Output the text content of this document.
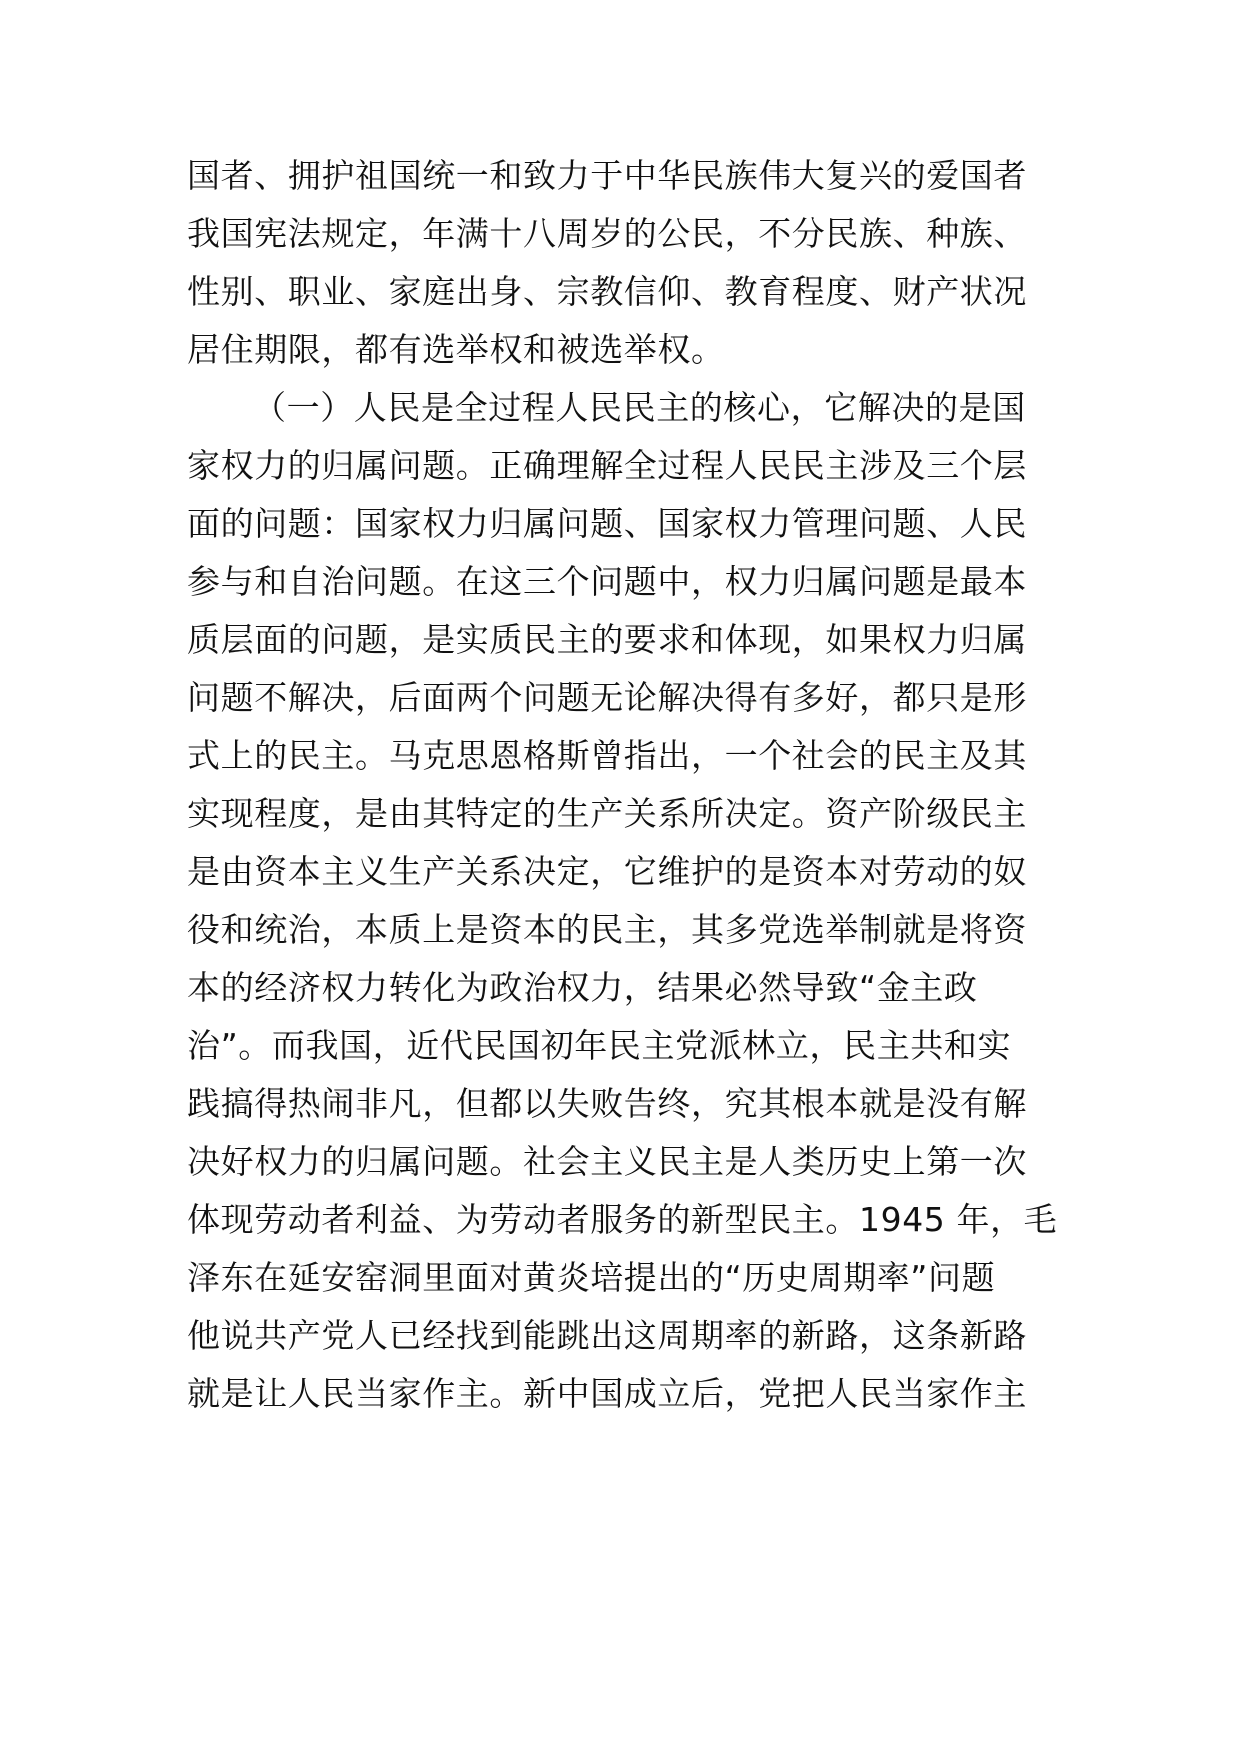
国者、拥护祖国统一和致力于中华民族伟大复兴的爱国者
我国宪法规定，年满十八周岁的公民，不分民族、种族、
性别、职业、家庭出身、宗教信仰、教育程度、财产状况
居住期限，都有选举权和被选举权。
（一）人民是全过程人民民主的核心，它解决的是国
家权力的归属问题。正确理解全过程人民民主涉及三个层
面的问题：国家权力归属问题、国家权力管理问题、人民
参与和自治问题。在这三个问题中，权力归属问题是最本
质层面的问题，是实质民主的要求和体现，如果权力归属
问题不解决，后面两个问题无论解决得有多好，都只是形
式上的民主。马克思恩格斯曾指出，一个社会的民主及其
实现程度，是由其特定的生产关系所决定。资产阶级民主
是由资本主义生产关系决定，它维护的是资本对劳动的奴
役和统治，本质上是资本的民主，其多党选举制就是将资
本的经济权力转化为政治权力，结果必然导致“金主政
治”。而我国，近代民国初年民主党派林立，民主共和实
践搞得热闹非凡，但都以失败告终，究其根本就是没有解
决好权力的归属问题。社会主义民主是人类历史上第一次
体现劳动者利益、为劳动者服务的新型民主。1945 年，毛
泽东在延安窑洞里面对黄炎培提出的“历史周期率”问题
他说共产党人已经找到能跳出这周期率的新路，这条新路
就是让人民当家作主。新中国成立后，党把人民当家作主
